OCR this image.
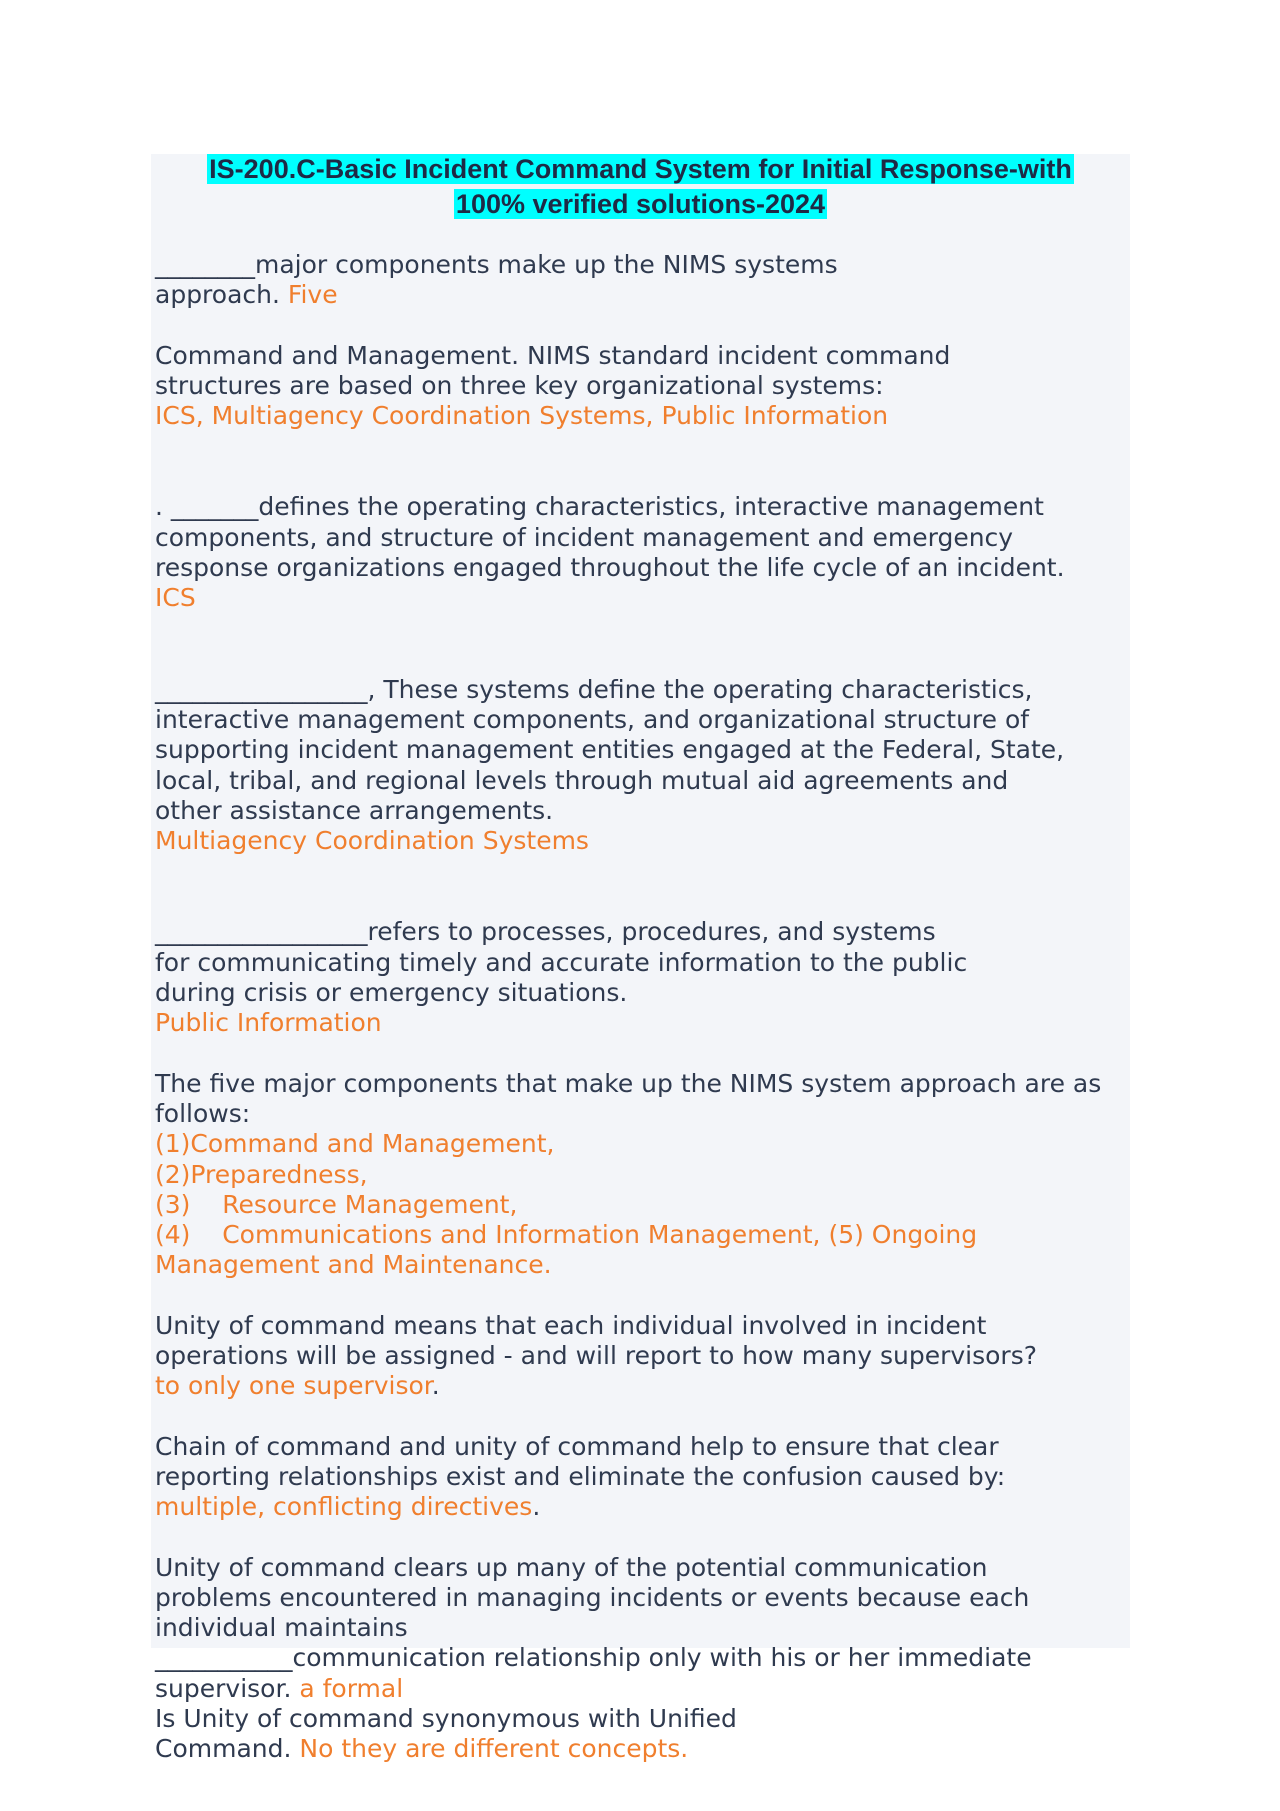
IS-200.C-Basic Incident Command System for Initial Response-with
100% verified solutions-2024

________major components make up the NIMS systems
approach. Five

Command and Management. NIMS standard incident command
structures are based on three key organizational systems:
ICS, Multiagency Coordination Systems, Public Information

. _______defines the operating characteristics, interactive management
components, and structure of incident management and emergency
response organizations engaged throughout the life cycle of an incident.
ICS

_________________, These systems define the operating characteristics,
interactive management components, and organizational structure of
supporting incident management entities engaged at the Federal, State,
local, tribal, and regional levels through mutual aid agreements and
other assistance arrangements.
Multiagency Coordination Systems

_________________refers to processes, procedures, and systems
for communicating timely and accurate information to the public
during crisis or emergency situations.
Public Information

The five major components that make up the NIMS system approach are as
follows:
(1)Command and Management,
(2)Preparedness,
(3)    Resource Management,
(4)    Communications and Information Management, (5) Ongoing
Management and Maintenance.

Unity of command means that each individual involved in incident
operations will be assigned - and will report to how many supervisors?
to only one supervisor.

Chain of command and unity of command help to ensure that clear
reporting relationships exist and eliminate the confusion caused by:
multiple, conflicting directives.

Unity of command clears up many of the potential communication
problems encountered in managing incidents or events because each
individual maintains
___________communication relationship only with his or her immediate
supervisor. a formal

Is Unity of command synonymous with Unified
Command. No they are different concepts.
